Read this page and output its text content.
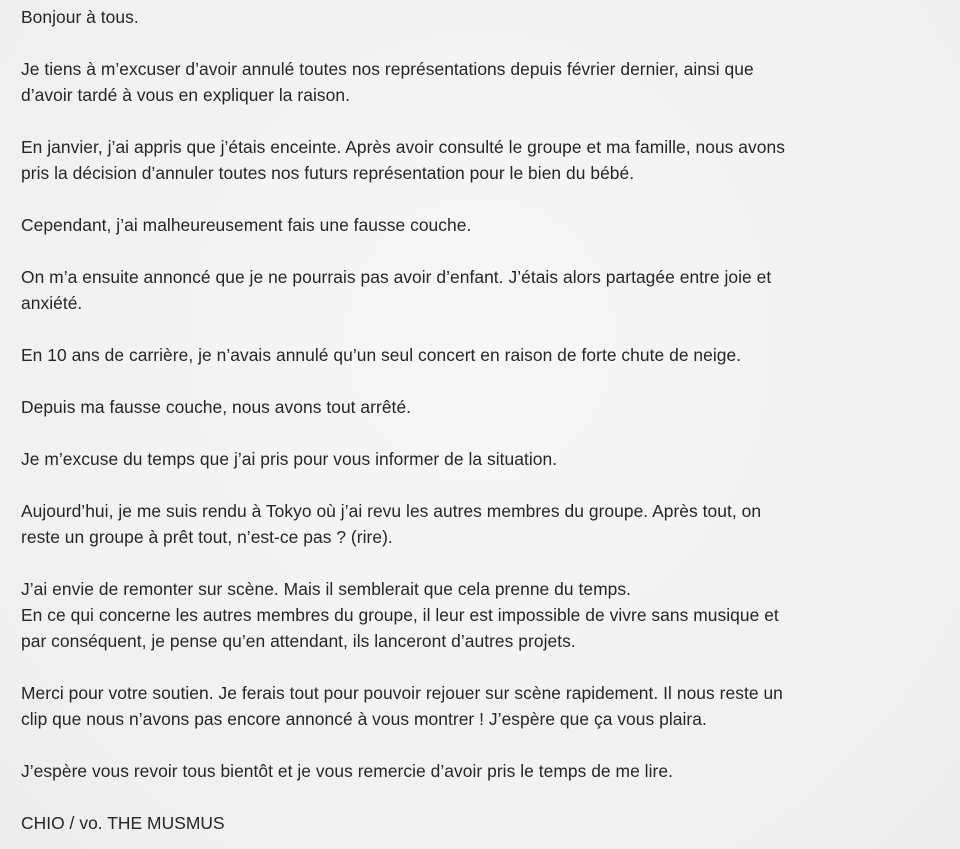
Bonjour à tous.

Je tiens à m’excuser d’avoir annulé toutes nos représentations depuis février dernier, ainsi que
d’avoir tardé à vous en expliquer la raison.

En janvier, j’ai appris que j’étais enceinte. Après avoir consulté le groupe et ma famille, nous avons
pris la décision d’annuler toutes nos futurs représentation pour le bien du bébé.

Cependant, j’ai malheureusement fais une fausse couche.

On m’a ensuite annoncé que je ne pourrais pas avoir d’enfant. J’étais alors partagée entre joie et
anxiété.

En 10 ans de carrière, je n’avais annulé qu’un seul concert en raison de forte chute de neige.

Depuis ma fausse couche, nous avons tout arrêté.

Je m’excuse du temps que j’ai pris pour vous informer de la situation.

Aujourd’hui, je me suis rendu à Tokyo où j’ai revu les autres membres du groupe. Après tout, on
reste un groupe à prêt tout, n’est-ce pas ? (rire).

J’ai envie de remonter sur scène. Mais il semblerait que cela prenne du temps.
En ce qui concerne les autres membres du groupe, il leur est impossible de vivre sans musique et
par conséquent, je pense qu’en attendant, ils lanceront d’autres projets.

Merci pour votre soutien. Je ferais tout pour pouvoir rejouer sur scène rapidement. Il nous reste un
clip que nous n’avons pas encore annoncé à vous montrer ! J’espère que ça vous plaira.

J’espère vous revoir tous bientôt et je vous remercie d’avoir pris le temps de me lire.

CHIO / vo. THE MUSMUS
